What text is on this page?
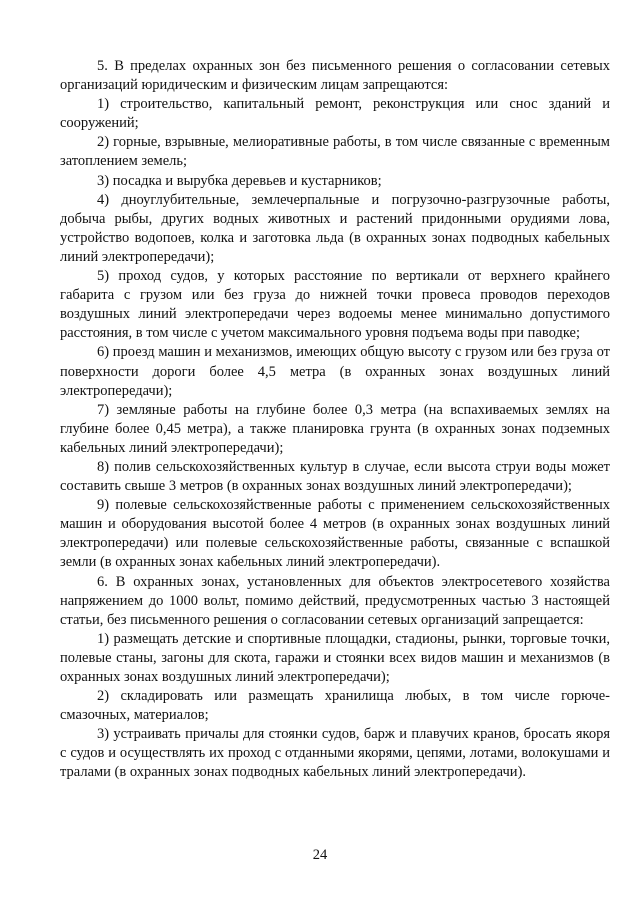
5. В пределах охранных зон без письменного решения о согласовании сетевых организаций юридическим и физическим лицам запрещаются:

1) строительство, капитальный ремонт, реконструкция или снос зданий и сооружений;

2) горные, взрывные, мелиоративные работы, в том числе связанные с временным затоплением земель;

3) посадка и вырубка деревьев и кустарников;

4) дноуглубительные, землечерпальные и погрузочно-разгрузочные работы, добыча рыбы, других водных животных и растений придонными орудиями лова, устройство водопоев, колка и заготовка льда (в охранных зонах подводных кабельных линий электропередачи);

5) проход судов, у которых расстояние по вертикали от верхнего крайнего габарита с грузом или без груза до нижней точки провеса проводов переходов воздушных линий электропередачи через водоемы менее минимально допустимого расстояния, в том числе с учетом максимального уровня подъема воды при паводке;

6) проезд машин и механизмов, имеющих общую высоту с грузом или без груза от поверхности дороги более 4,5 метра (в охранных зонах воздушных линий электропередачи);

7) земляные работы на глубине более 0,3 метра (на вспахиваемых землях на глубине более 0,45 метра), а также планировка грунта (в охранных зонах подземных кабельных линий электропередачи);

8) полив сельскохозяйственных культур в случае, если высота струи воды может составить свыше 3 метров (в охранных зонах воздушных линий электропередачи);

9) полевые сельскохозяйственные работы с применением сельскохозяйственных машин и оборудования высотой более 4 метров (в охранных зонах воздушных линий электропередачи) или полевые сельскохозяйственные работы, связанные с вспашкой земли (в охранных зонах кабельных линий электропередачи).

6. В охранных зонах, установленных для объектов электросетевого хозяйства напряжением до 1000 вольт, помимо действий, предусмотренных частью 3 настоящей статьи, без письменного решения о согласовании сетевых организаций запрещается:

1) размещать детские и спортивные площадки, стадионы, рынки, торговые точки, полевые станы, загоны для скота, гаражи и стоянки всех видов машин и механизмов (в охранных зонах воздушных линий электропередачи);

2) складировать или размещать хранилища любых, в том числе горюче-смазочных, материалов;

3) устраивать причалы для стоянки судов, барж и плавучих кранов, бросать якоря с судов и осуществлять их проход с отданными якорями, цепями, лотами, волокушами и тралами (в охранных зонах подводных кабельных линий электропередачи).

24
